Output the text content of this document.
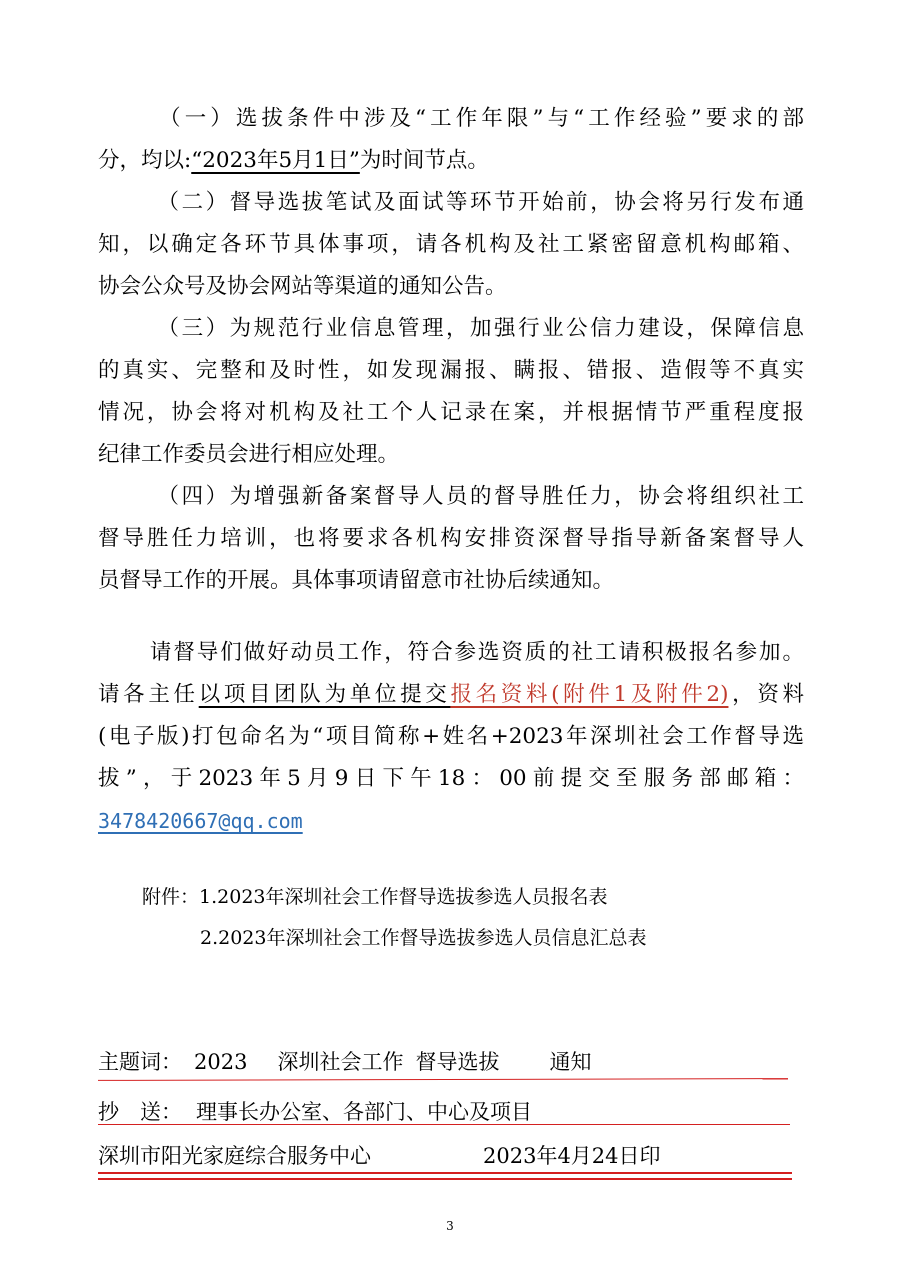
（一）选拔条件中涉及“工作年限”与“工作经验”要求的部
分，均以:“2023年5月1日”为时间节点。
（二）督导选拔笔试及面试等环节开始前，协会将另行发布通
知，以确定各环节具体事项，请各机构及社工紧密留意机构邮箱、
协会公众号及协会网站等渠道的通知公告。
（三）为规范行业信息管理，加强行业公信力建设，保障信息
的真实、完整和及时性，如发现漏报、瞒报、错报、造假等不真实
情况，协会将对机构及社工个人记录在案，并根据情节严重程度报
纪律工作委员会进行相应处理。
（四）为增强新备案督导人员的督导胜任力，协会将组织社工
督导胜任力培训，也将要求各机构安排资深督导指导新备案督导人
员督导工作的开展。具体事项请留意市社协后续通知。
请督导们做好动员工作，符合参选资质的社工请积极报名参加。
请各主任以项目团队为单位提交报名资料(附件1及附件2)，资料
(电子版)打包命名为“项目简称+姓名+2023年深圳社会工作督导选
拔”，于2023年5月9日下午18：00前提交至服务部邮箱：
3478420667@qq.com
附件：1.2023年深圳社会工作督导选拔参选人员报名表
2.2023年深圳社会工作督导选拔参选人员信息汇总表
主题词： 2023 深圳社会工作 督导选拔 通知
抄　送： 理事长办公室、各部门、中心及项目
深圳市阳光家庭综合服务中心	2023年4月24日印
3
